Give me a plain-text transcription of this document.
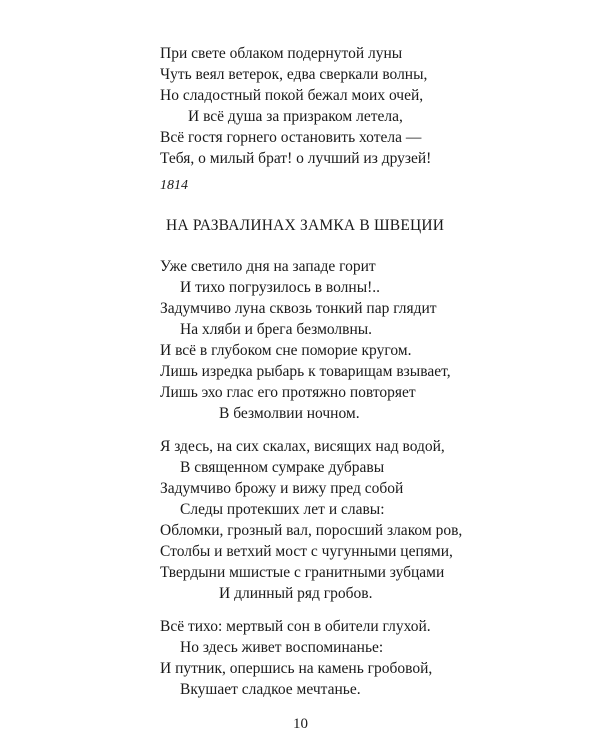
При свете облаком подернутой луны
Чуть веял ветерок, едва сверкали волны,
Но сладостный покой бежал моих очей,
И всё душа за призраком летела,
Всё гостя горнего остановить хотела —
Тебя, о милый брат! о лучший из друзей!
1814
НА РАЗВАЛИНАХ ЗАМКА В ШВЕЦИИ
Уже светило дня на западе горит
И тихо погрузилось в волны!..
Задумчиво луна сквозь тонкий пар глядит
На хляби и брега безмолвны.
И всё в глубоком сне поморие кругом.
Лишь изредка рыбарь к товарищам взывает,
Лишь эхо глас его протяжно повторяет
В безмолвии ночном.
Я здесь, на сих скалах, висящих над водой,
В священном сумраке дубравы
Задумчиво брожу и вижу пред собой
Следы протекших лет и славы:
Обломки, грозный вал, поросший злаком ров,
Столбы и ветхий мост с чугунными цепями,
Твердыни мшистые с гранитными зубцами
И длинный ряд гробов.
Всё тихо: мертвый сон в обители глухой.
Но здесь живет воспоминанье:
И путник, опершись на камень гробовой,
Вкушает сладкое мечтанье.
10
